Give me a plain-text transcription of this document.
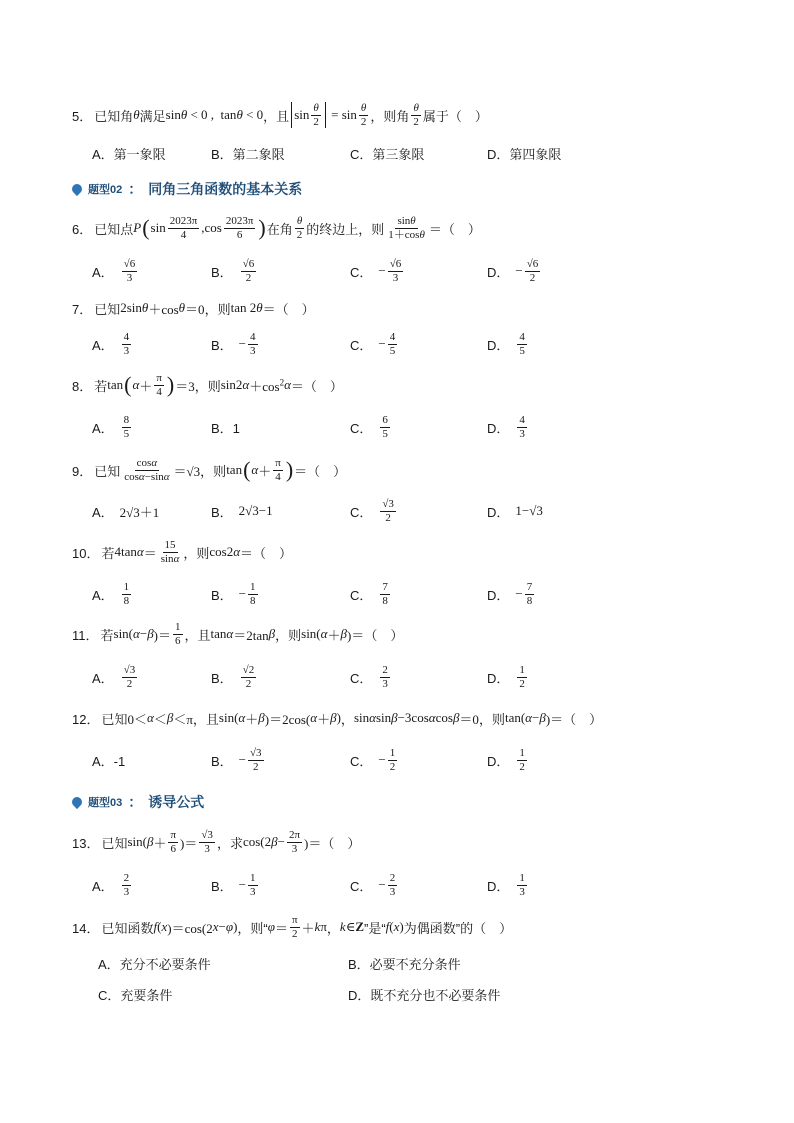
5． 已知角 θ 满足 sin θ < 0 ,  tan θ < 0 ，且 $\sin \frac{\theta}{2} = \sin \frac{\theta}{2}$ ，则角 $\frac{\theta}{2}$ 属于（　）
A．第一象限	B．第二象限	C．第三象限	D．第四象限
题型02 ： 同角三角函数的基本关系
6． 已知点 P ( $\sin \frac{2023\pi}{4} ,\cos \frac{2023\pi}{6}$ ) 在角 $\frac{\theta}{2}$ 的终边上，则 $\frac{\sin\theta}{1+\cos\theta}$ ＝（　）
A． $\frac{√6}{3}$	B． $\frac{√6}{2}$	C． − $\frac{√6}{3}$	D． − $\frac{√6}{2}$
7． 已知 2sin θ ＋cos θ ＝0 ，则 tan 2 θ ＝ （　）
A． $\frac{4}{3}$	B． − $\frac{4}{3}$	C． − $\frac{4}{5}$	D． $\frac{4}{5}$
8． 若 tan ( $\alpha + \frac{\pi}{4}$ ) ＝3 ，则 sin2 $\alpha +\cos^2$ α ＝ （　）
A． $\frac{8}{5}$	B．1	C． $\frac{6}{5}$	D． $\frac{4}{3}$
9． 已知 $\frac{\cos\alpha}{\cos\alpha-\sin\alpha} =√3$ ，则 tan ( $\alpha + \frac{\pi}{4}$ ) ＝ （　）
A． 2√3＋1	B． 2√3−1	C． $\frac{√3}{2}$	D． 1−√3
10． 若 4tan $\alpha = \frac{15}{\sin\alpha}$ ，则 cos2 α ＝ （　）
A． $\frac{1}{8}$	B． − $\frac{1}{8}$	C． $\frac{7}{8}$	D． − $\frac{7}{8}$
11． 若 sin( α − β )＝ $\frac{1}{6}$ ，且 tan α ＝2tan β ，则 sin( α ＋ β )＝ （　）
A． $\frac{√3}{2}$	B． $\frac{√2}{2}$	C． $\frac{2}{3}$	D． $\frac{1}{2}$
12． 已知 0＜ α ＜ β ＜π ，且 sin( α ＋ β )＝2cos( α ＋ β ) ， sin α sin β −3cos α cos β ＝0 ，则 tan( α − β )＝ （　）
A．-1	B． − $\frac{√3}{2}$	C． − $\frac{1}{2}$	D． $\frac{1}{2}$
题型03 ： 诱导公式
13． 已知 sin( $\beta + \frac{\pi}{6}$ )＝ $\frac{√3}{3}$ ，求 cos(2 $\beta - \frac{2\pi}{3}$ )＝ （　）
A． $\frac{2}{3}$	B． − $\frac{1}{3}$	C． − $\frac{2}{3}$	D． $\frac{1}{3}$
14． 已知函数 f ( x )＝cos(2 x − φ ) ，则“ $\varphi = \frac{\pi}{2} + k$ π ， k ∈ Z ”是“ f ( x ) 为偶函数”的（　）
A．充分不必要条件	B．必要不充分条件
C．充要条件	D．既不充分也不必要条件
